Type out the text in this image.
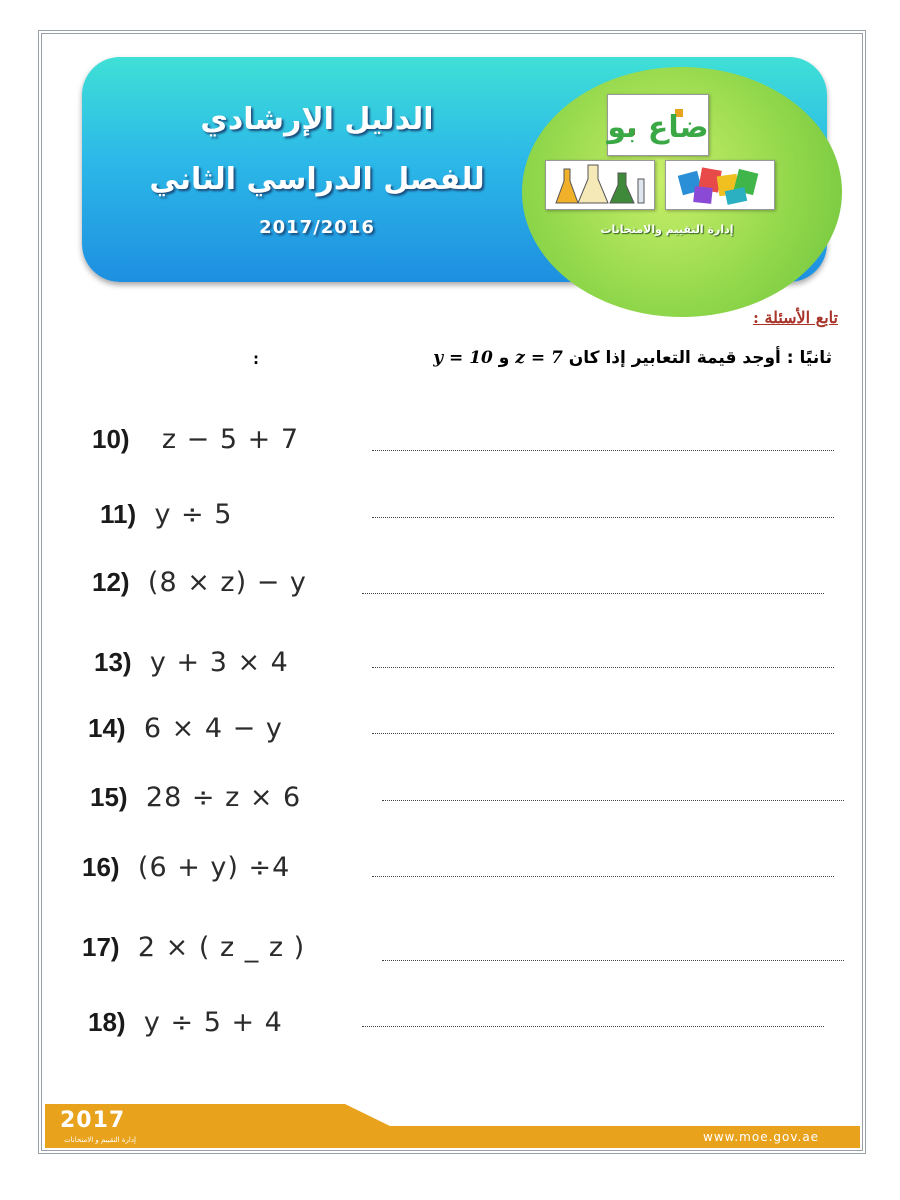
ضاع بو
إدارة التقييم والامتحانات
الدليل الإرشادي
للفصل الدراسي الثاني
2017/2016
تابع الأسئلة :
ثانيًا : أوجد قيمة التعابير إذا كان z = 7 و y = 10
:
10) z − 5 + 7
11) y ÷ 5
12) (8 × z) − y
13) y + 3 × 4
14) 6 × 4 − y
15) 28 ÷ z × 6
16) (6 + y) ÷4
17) 2 × ( z _ z )
18) y ÷ 5 + 4
2017
إدارة التقييم و الامتحانات	www.moe.gov.ae
